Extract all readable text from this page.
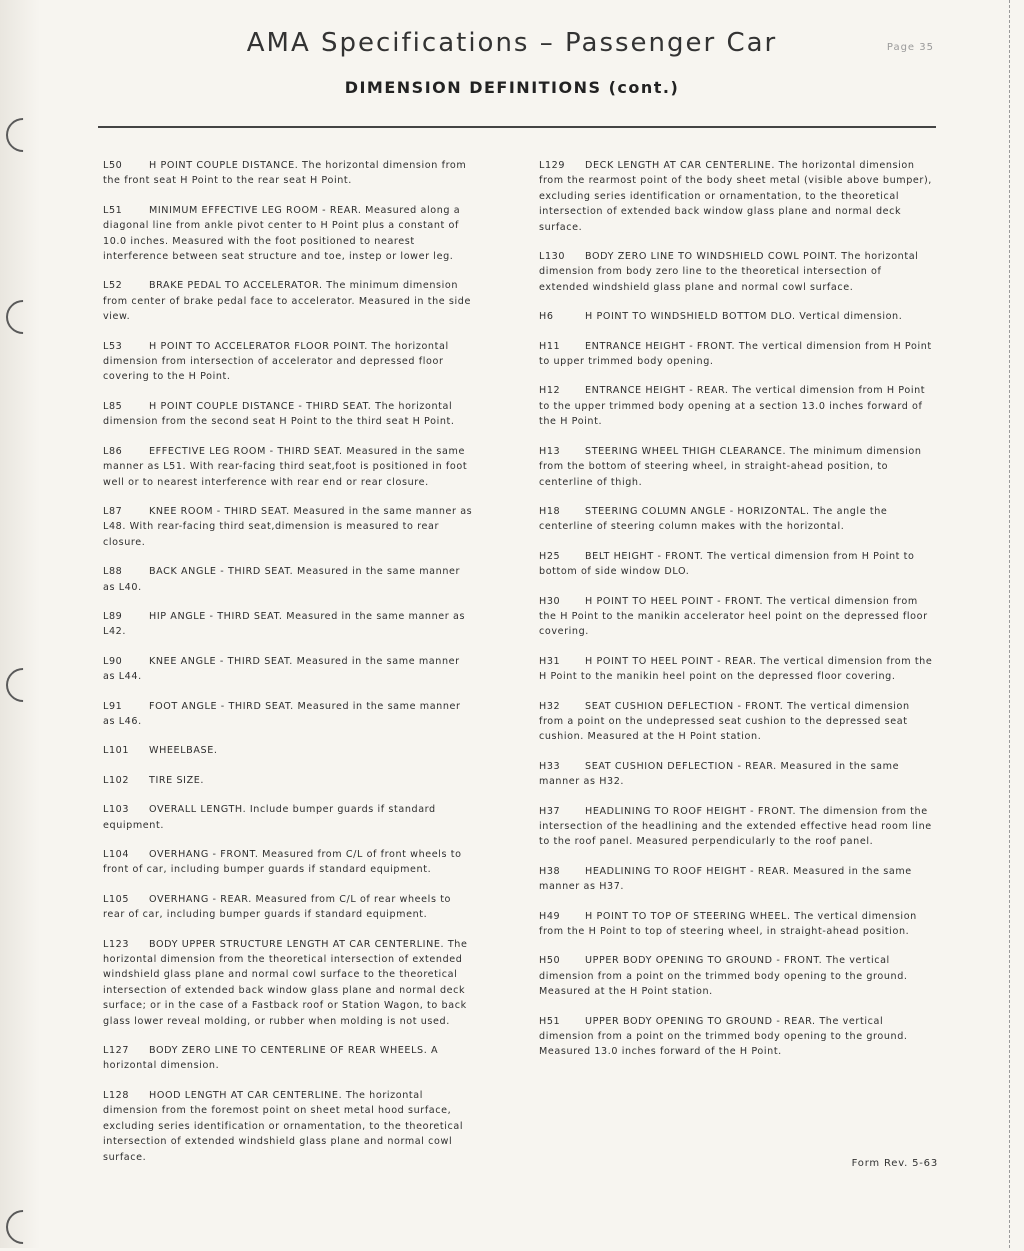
AMA Specifications – Passenger Car	Page 35
DIMENSION DEFINITIONS (cont.)

L50	H POINT COUPLE DISTANCE. The horizontal dimension from the front seat H Point to the rear seat H Point.

L51	MINIMUM EFFECTIVE LEG ROOM - REAR. Measured along a diagonal line from ankle pivot center to H Point plus a constant of 10.0 inches. Measured with the foot positioned to nearest interference between seat structure and toe, instep or lower leg.

L52	BRAKE PEDAL TO ACCELERATOR. The minimum dimension from center of brake pedal face to accelerator. Measured in the side view.

L53	H POINT TO ACCELERATOR FLOOR POINT. The horizontal dimension from intersection of accelerator and depressed floor covering to the H Point.

L85	H POINT COUPLE DISTANCE - THIRD SEAT. The horizontal dimension from the second seat H Point to the third seat H Point.

L86	EFFECTIVE LEG ROOM - THIRD SEAT. Measured in the same manner as L51. With rear-facing third seat,foot is positioned in foot well or to nearest interference with rear end or rear closure.

L87	KNEE ROOM - THIRD SEAT. Measured in the same manner as L48. With rear-facing third seat,dimension is measured to rear closure.

L88	BACK ANGLE - THIRD SEAT. Measured in the same manner as L40.

L89	HIP ANGLE - THIRD SEAT. Measured in the same manner as L42.

L90	KNEE ANGLE - THIRD SEAT. Measured in the same manner as L44.

L91	FOOT ANGLE - THIRD SEAT. Measured in the same manner as L46.

L101 WHEELBASE.

L102 TIRE SIZE.

L103 OVERALL LENGTH. Include bumper guards if standard equipment.

L104 OVERHANG - FRONT. Measured from C/L of front wheels to front of car, including bumper guards if standard equipment.

L105 OVERHANG - REAR. Measured from C/L of rear wheels to rear of car, including bumper guards if standard equipment.

L123 BODY UPPER STRUCTURE LENGTH AT CAR CENTERLINE. The horizontal dimension from the theoretical intersection of extended windshield glass plane and normal cowl surface to the theoretical intersection of extended back window glass plane and normal deck surface; or in the case of a Fastback roof or Station Wagon, to back glass lower reveal molding, or rubber when molding is not used.

L127 BODY ZERO LINE TO CENTERLINE OF REAR WHEELS. A horizontal dimension.

L128 HOOD LENGTH AT CAR CENTERLINE. The horizontal dimension from the foremost point on sheet metal hood surface, excluding series identification or ornamentation, to the theoretical intersection of extended windshield glass plane and normal cowl surface.

L129 DECK LENGTH AT CAR CENTERLINE. The horizontal dimension from the rearmost point of the body sheet metal (visible above bumper), excluding series identification or ornamentation, to the theoretical intersection of extended back window glass plane and normal deck surface.

L130 BODY ZERO LINE TO WINDSHIELD COWL POINT. The horizontal dimension from body zero line to the theoretical intersection of extended windshield glass plane and normal cowl surface.

H6	H POINT TO WINDSHIELD BOTTOM DLO. Vertical dimension.

H11	ENTRANCE HEIGHT - FRONT. The vertical dimension from H Point to upper trimmed body opening.

H12	ENTRANCE HEIGHT - REAR. The vertical dimension from H Point to the upper trimmed body opening at a section 13.0 inches forward of the H Point.

H13	STEERING WHEEL THIGH CLEARANCE. The minimum dimension from the bottom of steering wheel, in straight-ahead position, to centerline of thigh.

H18	STEERING COLUMN ANGLE - HORIZONTAL. The angle the centerline of steering column makes with the horizontal.

H25	BELT HEIGHT - FRONT. The vertical dimension from H Point to bottom of side window DLO.

H30	H POINT TO HEEL POINT - FRONT. The vertical dimension from the H Point to the manikin accelerator heel point on the depressed floor covering.

H31	H POINT TO HEEL POINT - REAR. The vertical dimension from the H Point to the manikin heel point on the depressed floor covering.

H32	SEAT CUSHION DEFLECTION - FRONT. The vertical dimension from a point on the undepressed seat cushion to the depressed seat cushion. Measured at the H Point station.

H33	SEAT CUSHION DEFLECTION - REAR. Measured in the same manner as H32.

H37	HEADLINING TO ROOF HEIGHT - FRONT. The dimension from the intersection of the headlining and the extended effective head room line to the roof panel. Measured perpendicularly to the roof panel.

H38	HEADLINING TO ROOF HEIGHT - REAR. Measured in the same manner as H37.

H49	H POINT TO TOP OF STEERING WHEEL. The vertical dimension from the H Point to top of steering wheel, in straight-ahead position.

H50	UPPER BODY OPENING TO GROUND - FRONT. The vertical dimension from a point on the trimmed body opening to the ground. Measured at the H Point station.

H51	UPPER BODY OPENING TO GROUND - REAR. The vertical dimension from a point on the trimmed body opening to the ground. Measured 13.0 inches forward of the H Point.

Form Rev. 5-63
